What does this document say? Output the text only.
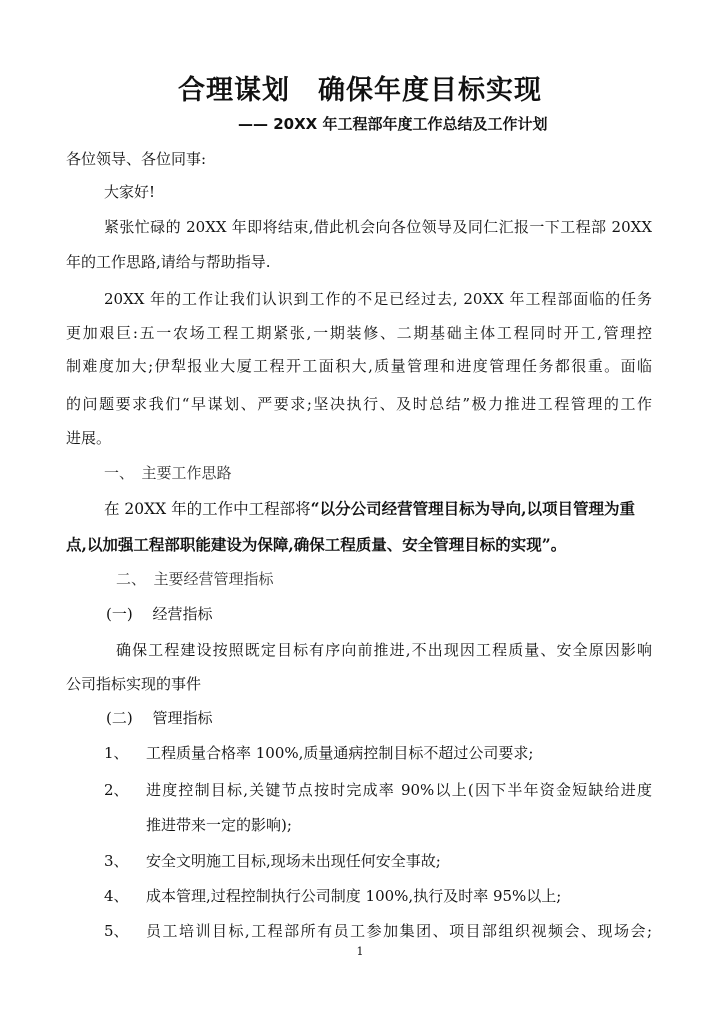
合理谋划　确保年度目标实现
—— 20XX 年工程部年度工作总结及工作计划
各位领导、各位同事:
大家好!
紧张忙碌的 20XX 年即将结束,借此机会向各位领导及同仁汇报一下工程部 20XX
年的工作思路,请给与帮助指导.
20XX 年的工作让我们认识到工作的不足已经过去, 20XX 年工程部面临的任务
更加艰巨:五一农场工程工期紧张,一期装修、二期基础主体工程同时开工,管理控
制难度加大;伊犁报业大厦工程开工面积大,质量管理和进度管理任务都很重。面临
的问题要求我们“早谋划、严要求;坚决执行、及时总结”极力推进工程管理的工作
进展。
一、　主要工作思路
在 20XX 年的工作中工程部将“以分公司经营管理目标为导向,以项目管理为重
点,以加强工程部职能建设为保障,确保工程质量、安全管理目标的实现”。
二、　主要经营管理指标
(一)　 经营指标
确保工程建设按照既定目标有序向前推进,不出现因工程质量、安全原因影响
公司指标实现的事件
(二)　 管理指标
1、 工程质量合格率 100%,质量通病控制目标不超过公司要求;
2、 进度控制目标,关键节点按时完成率 90%以上(因下半年资金短缺给进度
推进带来一定的影响);
3、 安全文明施工目标,现场未出现任何安全事故;
4、 成本管理,过程控制执行公司制度 100%,执行及时率 95%以上;
5、 员工培训目标,工程部所有员工参加集团、项目部组织视频会、现场会;
1
